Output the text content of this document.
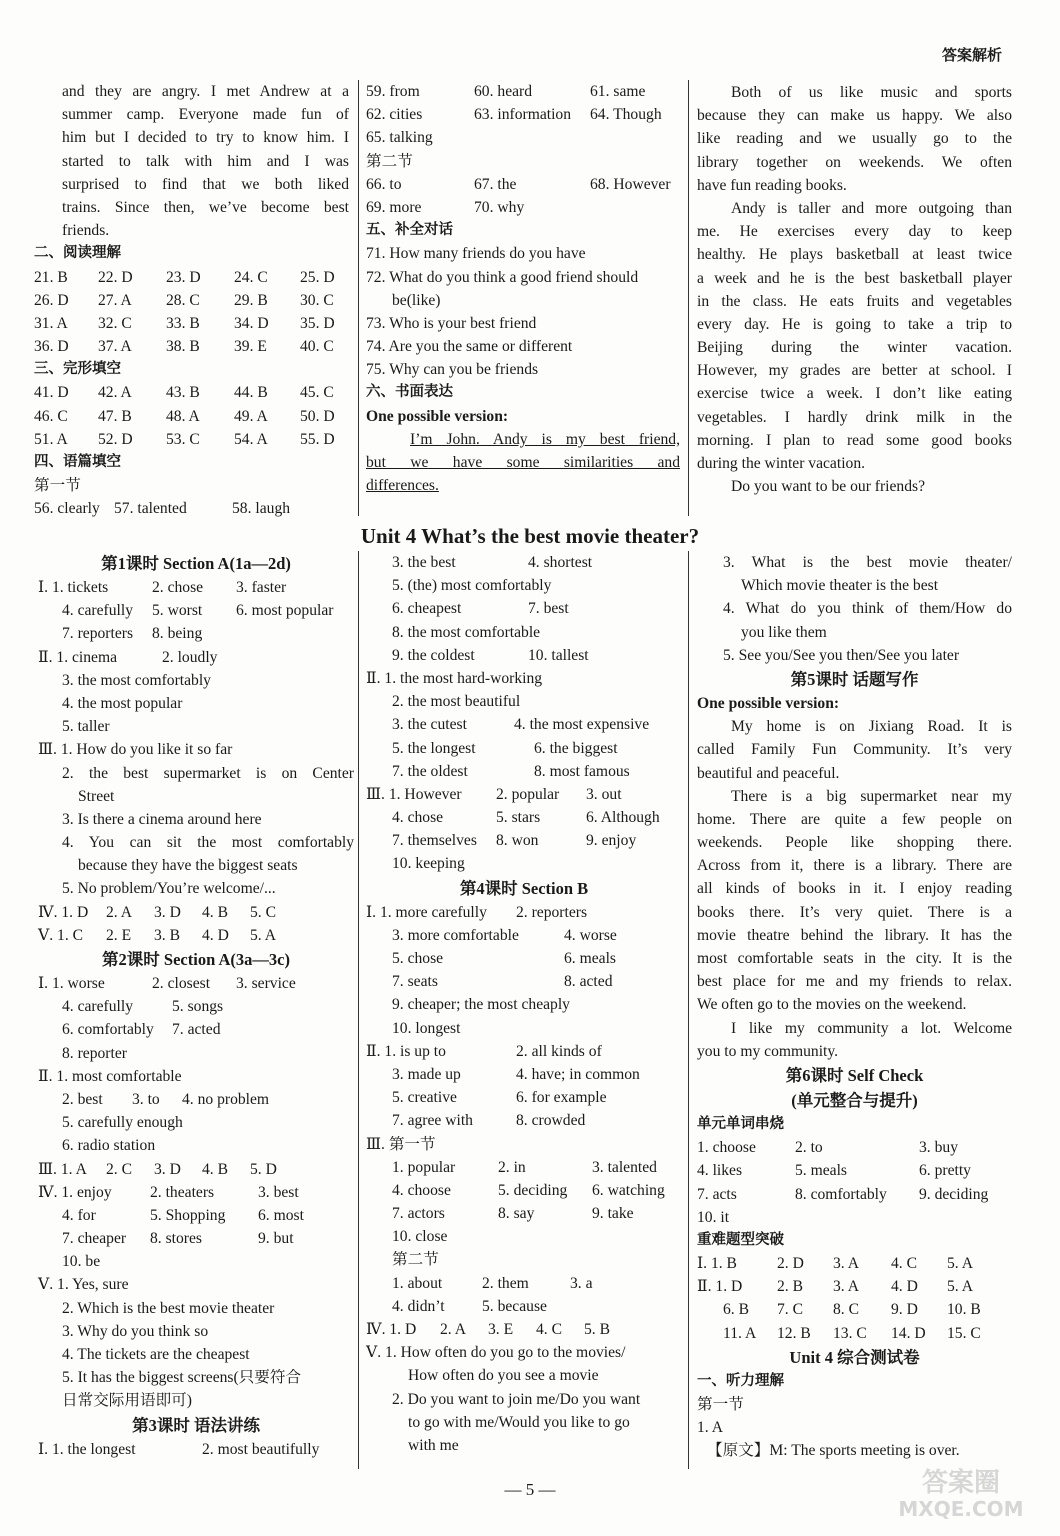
答案解析
and they are angry. I met Andrew at a
summer camp. Everyone made fun of
him but I decided to try to know him. I
started to talk with him and I was
surprised to find that we both liked
trains. Since then, we’ve become best
friends.
二、阅读理解
21. B	22. D	23. D	24. C	25. D
26. D	27. A	28. C	29. B	30. C
31. A	32. C	33. B	34. D	35. D
36. D	37. A	38. B	39. E	40. C
三、完形填空
41. D	42. A	43. B	44. B	45. C
46. C	47. B	48. A	49. A	50. D
51. A	52. D	53. C	54. A	55. D
四、语篇填空
第一节
56. clearly 57. talented	58. laugh
59. from	60. heard	61. same
62. cities	63. information	64. Though
65. talking
第二节
66. to	67. the	68. However
69. more	70. why
五、补全对话
71. How many friends do you have
72. What do you think a good friend should
be(like)
73. Who is your best friend
74. Are you the same or different
75. Why can you be friends
六、书面表达
One possible version:
I’m John. Andy is my best friend,
but we have some similarities and
differences.
Both of us like music and sports
because they can make us happy. We also
like reading and we usually go to the
library together on weekends. We often
have fun reading books.
Andy is taller and more outgoing than
me. He exercises every day to keep
healthy. He plays basketball at least twice
a week and he is the best basketball player
in the class. He eats fruits and vegetables
every day. He is going to take a trip to
Beijing during the winter vacation.
However, my grades are better at school. I
exercise twice a week. I don’t like eating
vegetables. I hardly drink milk in the
morning. I plan to read some good books
during the winter vacation.
Do you want to be our friends?
Unit 4 What’s the best movie theater?
第1课时 Section A(1a—2d)
Ⅰ. 1. tickets	2. chose	3. faster
4. carefully	5. worst	6. most popular
7. reporters	8. being
Ⅱ. 1. cinema	2. loudly
3. the most comfortably
4. the most popular
5. taller
Ⅲ. 1. How do you like it so far
2. the best supermarket is on Center
Street
3. Is there a cinema around here
4. You can sit the most comfortably
because they have the biggest seats
5. No problem/You’re welcome/...
Ⅳ. 1. D	2. A	3. D	4. B	5. C
Ⅴ. 1. C	2. E	3. B	4. D	5. A
第2课时 Section A(3a—3c)
Ⅰ. 1. worse	2. closest	3. service
4. carefully	5. songs
6. comfortably	7. acted
8. reporter
Ⅱ. 1. most comfortable
2. best	3. to	4. no problem
5. carefully enough
6. radio station
Ⅲ. 1. A	2. C	3. D	4. B	5. D
Ⅳ. 1. enjoy	2. theaters	3. best
4. for	5. Shopping	6. most
7. cheaper	8. stores	9. but
10. be
Ⅴ. 1. Yes, sure
2. Which is the best movie theater
3. Why do you think so
4. The tickets are the cheapest
5. It has the biggest screens(只要符合
日常交际用语即可)
第3课时 语法讲练
Ⅰ. 1. the longest	2. most beautifully
3. the best	4. shortest
5. (the) most comfortably
6. cheapest	7. best
8. the most comfortable
9. the coldest	10. tallest
Ⅱ. 1. the most hard-working
2. the most beautiful
3. the cutest	4. the most expensive
5. the longest	6. the biggest
7. the oldest	8. most famous
Ⅲ. 1. However	2. popular	3. out
4. chose	5. stars	6. Although
7. themselves	8. won	9. enjoy
10. keeping
第4课时 Section B
Ⅰ. 1. more carefully	2. reporters
3. more comfortable	4. worse
5. chose	6. meals
7. seats	8. acted
9. cheaper; the most cheaply
10. longest
Ⅱ. 1. is up to	2. all kinds of
3. made up	4. have; in common
5. creative	6. for example
7. agree with	8. crowded
Ⅲ. 第一节
1. popular	2. in	3. talented
4. choose	5. deciding	6. watching
7. actors	8. say	9. take
10. close
第二节
1. about	2. them	3. a
4. didn’t	5. because
Ⅳ. 1. D	2. A	3. E	4. C	5. B
Ⅴ. 1. How often do you go to the movies/
How often do you see a movie
2. Do you want to join me/Do you want
to go with me/Would you like to go
with me
3. What is the best movie theater/
Which movie theater is the best
4. What do you think of them/How do
you like them
5. See you/See you then/See you later
第5课时 话题写作
One possible version:
My home is on Jixiang Road. It is
called Family Fun Community. It’s very
beautiful and peaceful.
There is a big supermarket near my
home. There are quite a few people on
weekends. People like shopping there.
Across from it, there is a library. There are
all kinds of books in it. I enjoy reading
books there. It’s very quiet. There is a
movie theatre behind the library. It has the
most comfortable seats in the city. It is the
best place for me and my friends to relax.
We often go to the movies on the weekend.
I like my community a lot. Welcome
you to my community.
第6课时 Self Check
(单元整合与提升)
单元单词串烧
1. choose	2. to	3. buy
4. likes	5. meals	6. pretty
7. acts	8. comfortably	9. deciding
10. it
重难题型突破
Ⅰ. 1. B	2. D	3. A	4. C	5. A
Ⅱ. 1. D	2. B	3. A	4. D	5. A
6. B	7. C	8. C	9. D	10. B
11. A	12. B	13. C	14. D	15. C
Unit 4 综合测试卷
一、听力理解
第一节
1. A
【原文】M: The sports meeting is over.
— 5 —	答案圈
MXQE.COM
